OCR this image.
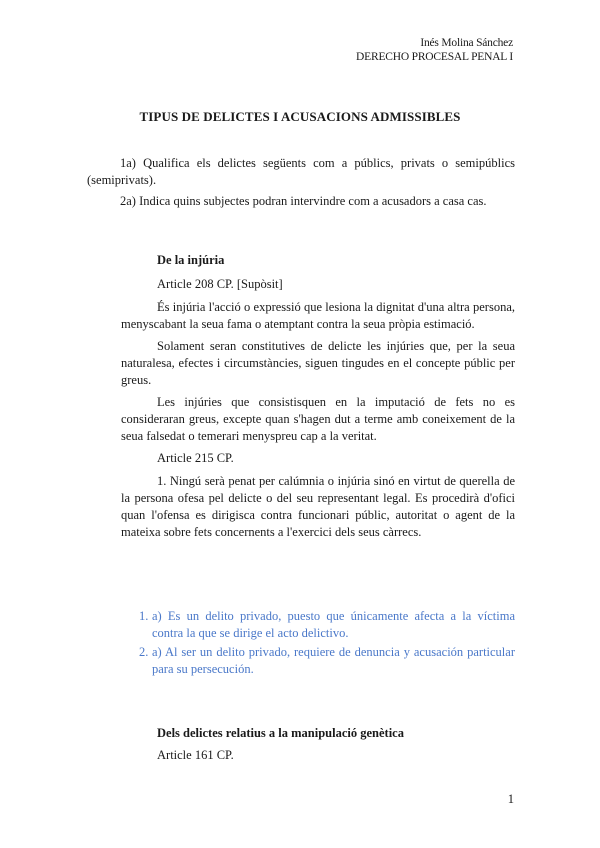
Inés Molina Sánchez
DERECHO PROCESAL PENAL I
TIPUS DE DELICTES I ACUSACIONS ADMISSIBLES
1a) Qualifica els delictes següents com a públics, privats o semipúblics (semiprivats).
2a) Indica quins subjectes podran intervindre com a acusadors a casa cas.
De la injúria
Article 208 CP. [Supòsit]

És injúria l'acció o expressió que lesiona la dignitat d'una altra persona, menyscabant la seua fama o atemptant contra la seua pròpia estimació.

Solament seran constitutives de delicte les injúries que, per la seua naturalesa, efectes i circumstàncies, siguen tingudes en el concepte públic per greus.

Les injúries que consistisquen en la imputació de fets no es consideraran greus, excepte quan s'hagen dut a terme amb coneixement de la seua falsedat o temerari menyspreu cap a la veritat.

Article 215 CP.

1. Ningú serà penat per calúmnia o injúria sinó en virtut de querella de la persona ofesa pel delicte o del seu representant legal. Es procedirà d'ofici quan l'ofensa es dirigisca contra funcionari públic, autoritat o agent de la mateixa sobre fets concernents a l'exercici dels seus càrrecs.

1. a) Es un delito privado, puesto que únicamente afecta a la víctima contra la que se dirige el acto delictivo.
2. a) Al ser un delito privado, requiere de denuncia y acusación particular para su persecución.
Dels delictes relatius a la manipulació genètica
Article 161 CP.
1
